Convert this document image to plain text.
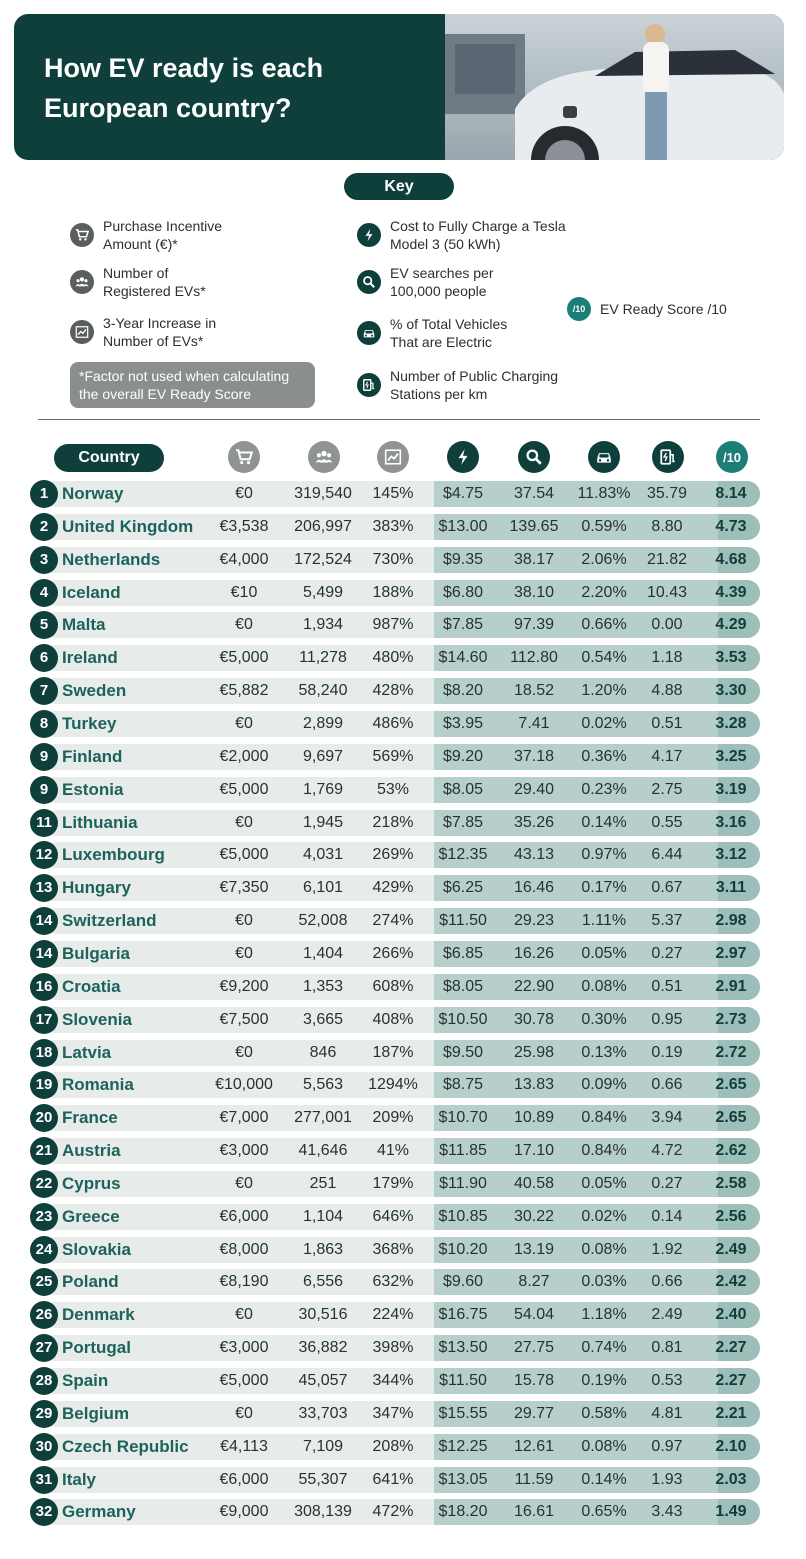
How EV ready is each European country?
Key
Purchase Incentive Amount (€)*
Number of Registered EVs*
3-Year Increase in Number of EVs*
Cost to Fully Charge a Tesla Model 3 (50 kWh)
EV searches per 100,000 people
% of Total Vehicles That are Electric
Number of Public Charging Stations per km
/10	EV Ready Score /10
*Factor not used when calculating the overall EV Ready Score
Country	/10
1 Norway	€0	319,540	145%	$4.75	37.54	11.83%	35.79	8.14
2 United Kingdom	€3,538	206,997	383%	$13.00	139.65	0.59%	8.80	4.73
3 Netherlands	€4,000	172,524	730%	$9.35	38.17	2.06%	21.82	4.68
4 Iceland	€10	5,499	188%	$6.80	38.10	2.20%	10.43	4.39
5 Malta	€0	1,934	987%	$7.85	97.39	0.66%	0.00	4.29
6 Ireland	€5,000	11,278	480%	$14.60	112.80	0.54%	1.18	3.53
7 Sweden	€5,882	58,240	428%	$8.20	18.52	1.20%	4.88	3.30
8 Turkey	€0	2,899	486%	$3.95	7.41	0.02%	0.51	3.28
9 Finland	€2,000	9,697	569%	$9.20	37.18	0.36%	4.17	3.25
9 Estonia	€5,000	1,769	53%	$8.05	29.40	0.23%	2.75	3.19
11 Lithuania	€0	1,945	218%	$7.85	35.26	0.14%	0.55	3.16
12 Luxembourg	€5,000	4,031	269%	$12.35	43.13	0.97%	6.44	3.12
13 Hungary	€7,350	6,101	429%	$6.25	16.46	0.17%	0.67	3.11
14 Switzerland	€0	52,008	274%	$11.50	29.23	1.11%	5.37	2.98
14 Bulgaria	€0	1,404	266%	$6.85	16.26	0.05%	0.27	2.97
16 Croatia	€9,200	1,353	608%	$8.05	22.90	0.08%	0.51	2.91
17 Slovenia	€7,500	3,665	408%	$10.50	30.78	0.30%	0.95	2.73
18 Latvia	€0	846	187%	$9.50	25.98	0.13%	0.19	2.72
19 Romania	€10,000	5,563	1294%	$8.75	13.83	0.09%	0.66	2.65
20 France	€7,000	277,001	209%	$10.70	10.89	0.84%	3.94	2.65
21 Austria	€3,000	41,646	41%	$11.85	17.10	0.84%	4.72	2.62
22 Cyprus	€0	251	179%	$11.90	40.58	0.05%	0.27	2.58
23 Greece	€6,000	1,104	646%	$10.85	30.22	0.02%	0.14	2.56
24 Slovakia	€8,000	1,863	368%	$10.20	13.19	0.08%	1.92	2.49
25 Poland	€8,190	6,556	632%	$9.60	8.27	0.03%	0.66	2.42
26 Denmark	€0	30,516	224%	$16.75	54.04	1.18%	2.49	2.40
27 Portugal	€3,000	36,882	398%	$13.50	27.75	0.74%	0.81	2.27
28 Spain	€5,000	45,057	344%	$11.50	15.78	0.19%	0.53	2.27
29 Belgium	€0	33,703	347%	$15.55	29.77	0.58%	4.81	2.21
30 Czech Republic	€4,113	7,109	208%	$12.25	12.61	0.08%	0.97	2.10
31 Italy	€6,000	55,307	641%	$13.05	11.59	0.14%	1.93	2.03
32 Germany	€9,000	308,139	472%	$18.20	16.61	0.65%	3.43	1.49
